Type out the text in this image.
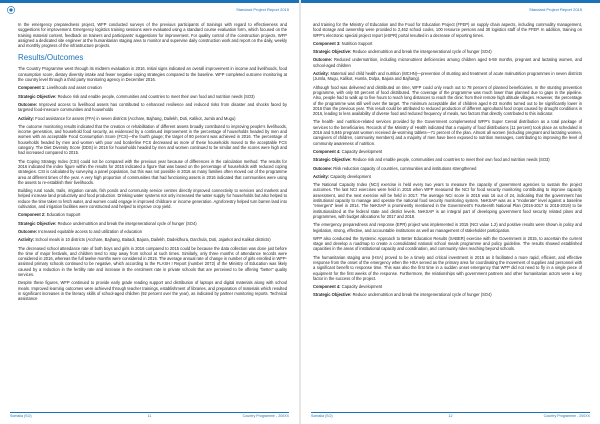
Standard Project Report 2015

In the emergency preparedness project, WFP conducted surveys of the previous participants of trainings with regard to effectiveness and suggestions for improvement. Emergency logistics training sessions were evaluated using a standard course evaluation form, which focused on the training material content, feedback on trainers and participants' suggestions for improvement. For quality control of the construction projects, WFP assigned a dedicated site engineer at the humanitarian staging area to monitor and supervise daily construction work and report on the daily, weekly and monthly progress of the infrastructure projects.

Results/Outcomes

The Country Programme went through its midterm evaluation in 2016. Initial signs indicated an overall improvement in income and livelihoods, food consumption score, dietary diversity intake and fewer negative coping strategies compared to the baseline. WFP completed outcome monitoring at the country level through a third party monitoring agency in December 2016.

Component 1: Livelihoods and asset creation

Strategic Objective: Reduce risk and enable people, communities and countries to meet their own food and nutrition needs (SO3)

Outcome: Improved access to livelihood assets has contributed to enhanced resilience and reduced risks from disaster and shocks faced by targeted food-insecure communities and households

Activity: Food assistance for assets (FFA) in seven districts (Acchare, Bajhang, Dailekh, Doti, Kalikot, Jumla and Mugu)

The outcome monitoring results indicated that the creation or rehabilitation of different assets broadly contributed to improving people's livelihoods, income generation, and household food security, as evidenced by a continued improvement in the percentage of households headed by men and women with an acceptable Food Consumption Score (FCS)—the fourth gauge; the target of 80 percent was achieved in 2016. The percentage of households headed by men and women with poor and borderline FCS decreased as more of these households moved to the acceptable FCS category. The Diet Diversity Score (DDS) in 2016 for households headed by men and women continued to be similar and the scores were high and had increased compared to 2015.

The Coping Strategy Index (CSI) could not be compared with the previous year because of differences in the calculation method. The results for 2016 indicated the index figure within the results for 2015 indicated a figure that was based on the percentage of households with reduced coping strategies. CSI is calculated by surveying a panel population, but this was not possible in 2016 as many families often moved out of the programme area at different times of the year. A very high proportion of communities that had functioning assets in 2016 indicated that communities were using the assets to re-establish their livelihoods.

Building rural roads, trails, irrigation canals, fish ponds and community service centres directly improved connectivity to services and markets and helped increase land productivity and food production. Drinking water systems not only increased the water supply for households but also helped to reduce the time taken to fetch water, and women could engage in improved childcare or income generation. Agroforestry helped turn barren land into cultivation, and irrigation facilities were constructed and helped to improve crop yield.

Component 2: Education Support

Strategic Objective: Reduce undernutrition and break the intergenerational cycle of hunger (SO4)

Outcome: Increased equitable access to and utilization of education

Activity: School meals in 10 districts (Acchare, Bajhang, Baitadi, Bajura, Dailekh, Dadeldhura, Darchula, Doti, Jajarkot and Kalikot districts)

The decreased school attendance rate of both boys and girls in 2016 compared to 2015 could be because the data collection was done just before the time of major festivals, and children tend to stay away from school at such times. Similarly, only three months of attendance records were considered in 2016, whereas the full twelve months were considered in 2015. The average annual rate of change in number of girls enrolled in WFP-assisted primary schools continued to be negative, which according to the FLASH I Report (number 2072) of the Ministry of Education was likely caused by a reduction in the fertility rate and increase in the enrolment rate in private schools that are perceived to be offering "better" quality services.

Despite these figures, WFP continued to provide early grade reading support and distribution of laptops and digital materials along with school meals. Improved learning outcomes were achieved through teacher trainings, establishment of libraries, and preparation of materials which resulted in significant increases in the literacy skills of school-aged children (92 percent over the year), as indicated by partner monitoring reports. Technical assistance

Somalia (SO)	11	Country Programme - 200XX
Standard Project Report 2015

and training for the Ministry of Education and the Food for Education Project (FFEP) on supply chain aspects, including commodity management, food storage and ownership were provided to 2,462 school cooks, 100 resource persons and 30 logistics staff of the FFEP. In addition, training on WFP's electronic special project report (eSPR) portal resulted in a decrease of reporting times.

Component 3: Nutrition Support

Strategic Objective: Reduce undernutrition and break the intergenerational cycle of hunger (SO4)

Outcome: Reduced undernutrition, including micronutrient deficiencies among children aged 6-59 months, pregnant and lactating women, and school-aged children

Activity: Maternal and child health and nutrition (MCHN)—prevention of stunting and treatment of acute malnutrition programmes in seven districts (Jumla, Mugu, Kalikot, Humla, Dolpa, Bajura and Bajhang).

Although food was delivered and distributed on time, WFP could only reach out to 78 percent of planned beneficiaries. In the stunting prevention programme, with only 50 percent of food distributed. The coverage of the programme was much lower than planned due to gaps in the pipeline. Also, people had to walk up to five hours to reach long distances to reach the clinic from their remote high altitude villages. However, the percentage of the programme was still well over the target. The minimum acceptable diet of children aged 6-23 months turned out to be significantly lower in 2016 than the previous year. This result could be attributed to reduced production of different agricultural food crops caused by drought conditions in 2016, leading to less availability of diverse food and reduced frequency of meals, two factors that directly contributed to this indicator.

The health- and nutrition-related services provided by the Government complemented WFP's Super Cereal distribution as a total package of services to the beneficiaries. Records of the Ministry of Health indicated that a majority of food distributions (11 percent) took place as scheduled in 2016 and 5,846 pregnant women received de-worming tablets—71 percent of the plan. Almost all women (including pregnant and lactating women, caregivers of children, community members) and a majority of men have been exposed to nutrition messages, contributing to improving the level of community awareness of nutrition.

Component 4: Capacity development

Strategic Objective: Reduce risk and enable people, communities and countries to meet their own food and nutrition needs (SO3)

Outcome: Risk reduction capacity of countries, communities and institutions strengthened

Activity: Capacity development

The National Capacity Index (NCI) exercise is held every two years to measure the capacity of government agencies to sustain the project outcomes. The last NCI exercises were held in 2015 when WFP measured the NCI for food security monitoring contributing to improve capacity assessment, and the next exercise will be held in 2017. The average NCI score in 2015 was 16 out of 24, indicating that the government has institutional capacity to manage and operate the national food security monitoring system. NeKSAP was as a "moderate" level against a baseline "emergent" level in 2014. The NeKSAP is prominently mentioned in the Government's Fourteenth National Plan (2016-2017 to 2018-2019) to be institutionalized at the federal state and district levels. NeKSAP is an integral part of developing government food security related plans and programmes, with budget allocations for 2017 and 2018.

The emergency preparedness and response (EPR) project was implemented in 2015 (NCI value 1.2) and positive results were shown in policy and legislation, strong, effective, and accountable institutions as well as management of stakeholder participation.

WFP also conducted the Systemic Approach to Better Education Results (SABER) exercise with the Government in 2015, to ascertain the current stage and develop a roadmap to create a consolidated national school meals programme and policy guideline. The results showed established capacities in the areas of institutional capacity and coordination, and community roles reaching beyond schools.

The humanitarian staging area (HSA) proved to be a timely and critical investment in 2015 as it facilitated a more rapid, efficient, and effective response from the onset of the emergency when the HSA served as the primary area for coordinating the movement of supplies and personnel with a significant benefit to response time. This was also the first time in a sudden onset emergency that WFP did not need to fly in a single piece of equipment for the first weeks of the response. Furthermore, the relationships with government partners and other humanitarian actors were a key factor in the success of the project.

Component 4: Capacity development

Strategic Objective: Reduce undernutrition and break the intergenerational cycle of hunger (SO4)

Somalia (SO)	12	Country Programme - 200XX
